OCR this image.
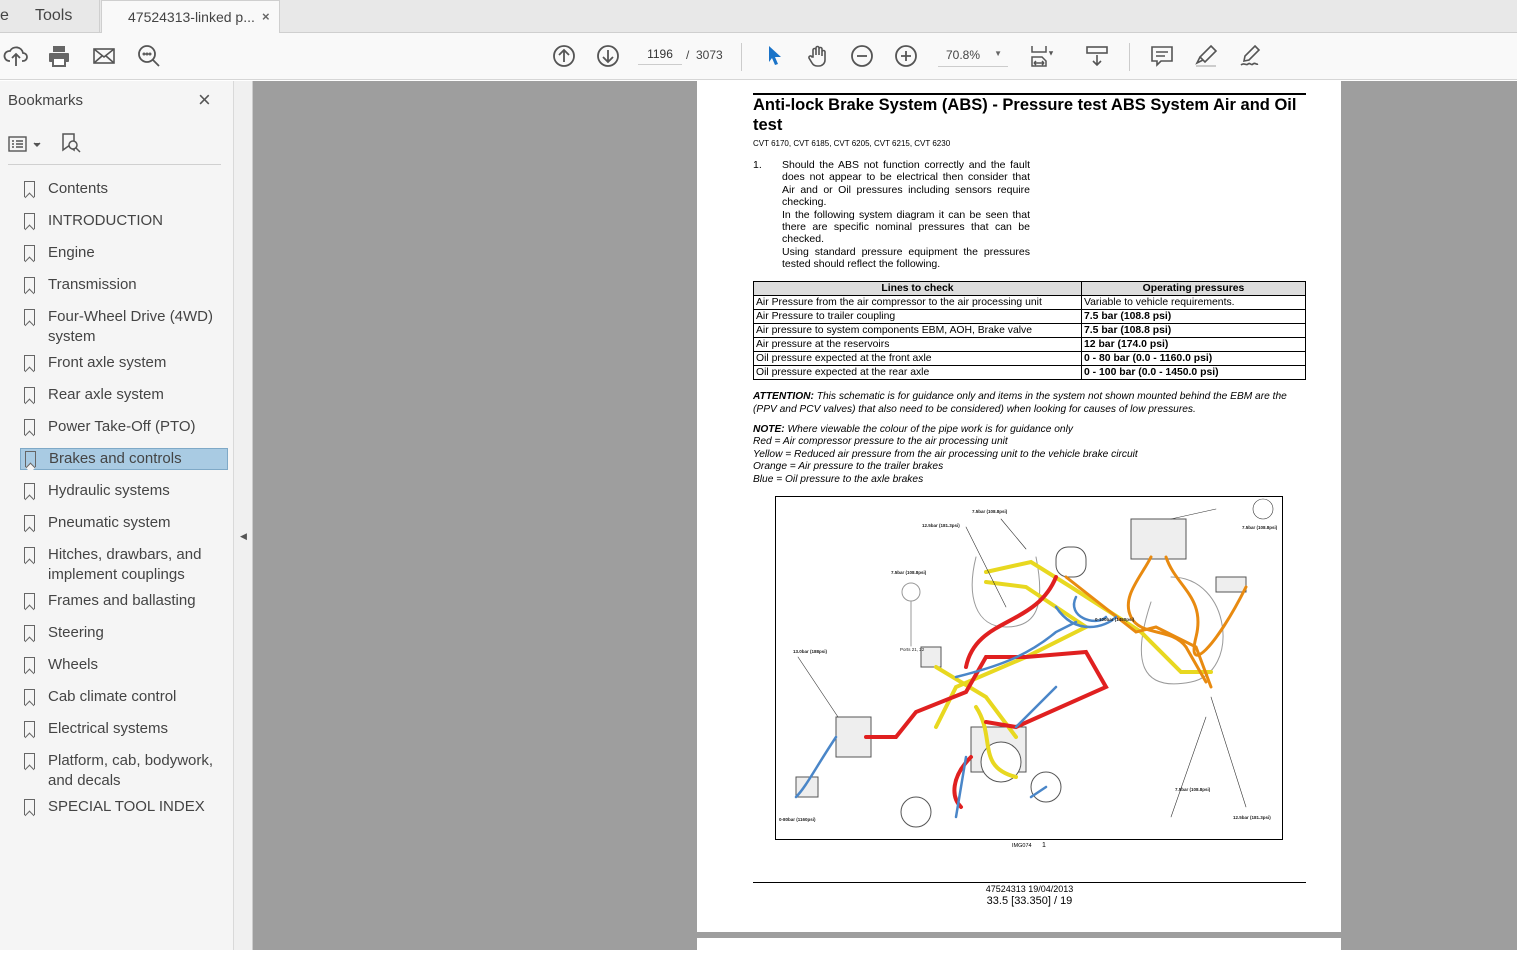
e	Tools	47524313-linked p... ×
1196	/ 3073	70.8% ▼
Bookmarks	×
Contents
INTRODUCTION
Engine
Transmission
Four-Wheel Drive (4WD) system
Front axle system
Rear axle system
Power Take-Off (PTO)
Brakes and controls
Hydraulic systems
Pneumatic system
Hitches, drawbars, and implement couplings
Frames and ballasting
Steering
Wheels
Cab climate control
Electrical systems
Platform, cab, bodywork, and decals
SPECIAL TOOL INDEX
◀
Anti-lock Brake System (ABS) - Pressure test ABS System Air and Oil test
CVT 6170, CVT 6185, CVT 6205, CVT 6215, CVT 6230
1. Should the ABS not function correctly and the fault does not appear to be electrical then consider that Air and or Oil pressures including sensors require checking.
In the following system diagram it can be seen that there are specific nominal pressures that can be checked.
Using standard pressure equipment the pressures tested should reflect the following.
Lines to check	Operating pressures
Air Pressure from the air compressor to the air processing unit	Variable to vehicle requirements.
Air Pressure to trailer coupling	7.5 bar (108.8 psi)
Air pressure to system components EBM, AOH, Brake valve	7.5 bar (108.8 psi)
Air pressure at the reservoirs	12 bar (174.0 psi)
Oil pressure expected at the front axle	0 - 80 bar (0.0 - 1160.0 psi)
Oil pressure expected at the rear axle	0 - 100 bar (0.0 - 1450.0 psi)
ATTENTION: This schematic is for guidance only and items in the system not shown mounted behind the EBM are the (PPV and PCV valves) that also need to be considered) when looking for causes of low pressures.
NOTE: Where viewable the colour of the pipe work is for guidance only
Red = Air compressor pressure to the air processing unit
Yellow = Reduced air pressure from the air processing unit to the vehicle brake circuit
Orange = Air pressure to the trailer brakes
Blue = Oil pressure to the axle brakes
7.5bar (108.8psi)
12.5bar (181.3psi)
7.5bar (108.8psi)
Ports 21, 22
13.0bar (188psi)
0-100bar (1450psi)
7.5bar (108.8psi)
7.5bar (108.8psi)
12.5bar (181.3psi)
0-80bar (1160psi)
IMG074 1
47524313 19/04/2013
33.5 [33.350] / 19
